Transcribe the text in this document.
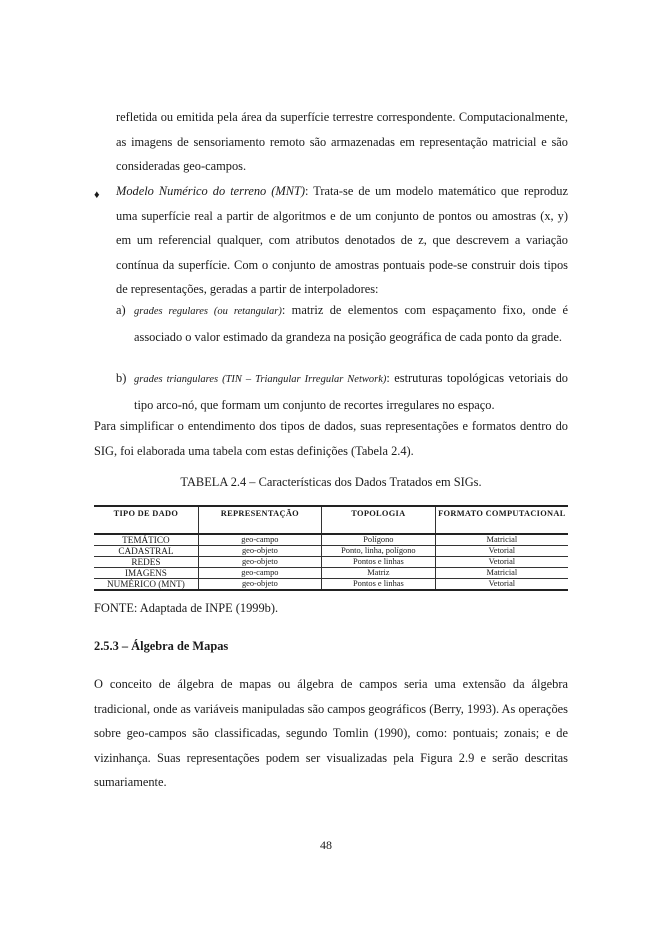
refletida ou emitida pela área da superfície terrestre correspondente. Computacionalmente, as imagens de sensoriamento remoto são armazenadas em representação matricial e são consideradas geo-campos.

♦ Modelo Numérico do terreno (MNT): Trata-se de um modelo matemático que reproduz uma superfície real a partir de algoritmos e de um conjunto de pontos ou amostras (x, y) em um referencial qualquer, com atributos denotados de z, que descrevem a variação contínua da superfície. Com o conjunto de amostras pontuais pode-se construir dois tipos de representações, geradas a partir de interpoladores:

a) grades regulares (ou retangular): matriz de elementos com espaçamento fixo, onde é associado o valor estimado da grandeza na posição geográfica de cada ponto da grade.

b) grades triangulares (TIN – Triangular Irregular Network): estruturas topológicas vetoriais do tipo arco-nó, que formam um conjunto de recortes irregulares no espaço.

Para simplificar o entendimento dos tipos de dados, suas representações e formatos dentro do SIG, foi elaborada uma tabela com estas definições (Tabela 2.4).

TABELA 2.4 – Características dos Dados Tratados em SIGs.
TIPO DE DADO	REPRESENTAÇÃO	TOPOLOGIA	FORMATO COMPUTACIONAL
TEMÁTICO	geo-campo	Polígono	Matricial
CADASTRAL	geo-objeto	Ponto, linha, polígono	Vetorial
REDES	geo-objeto	Pontos e linhas	Vetorial
IMAGENS	geo-campo	Matriz	Matricial
NUMÉRICO (MNT)	geo-objeto	Pontos e linhas	Vetorial
FONTE: Adaptada de INPE (1999b).
2.5.3 – Álgebra de Mapas

O conceito de álgebra de mapas ou álgebra de campos seria uma extensão da álgebra tradicional, onde as variáveis manipuladas são campos geográficos (Berry, 1993). As operações sobre geo-campos são classificadas, segundo Tomlin (1990), como: pontuais; zonais; e de vizinhança. Suas representações podem ser visualizadas pela Figura 2.9 e serão descritas sumariamente.

48
